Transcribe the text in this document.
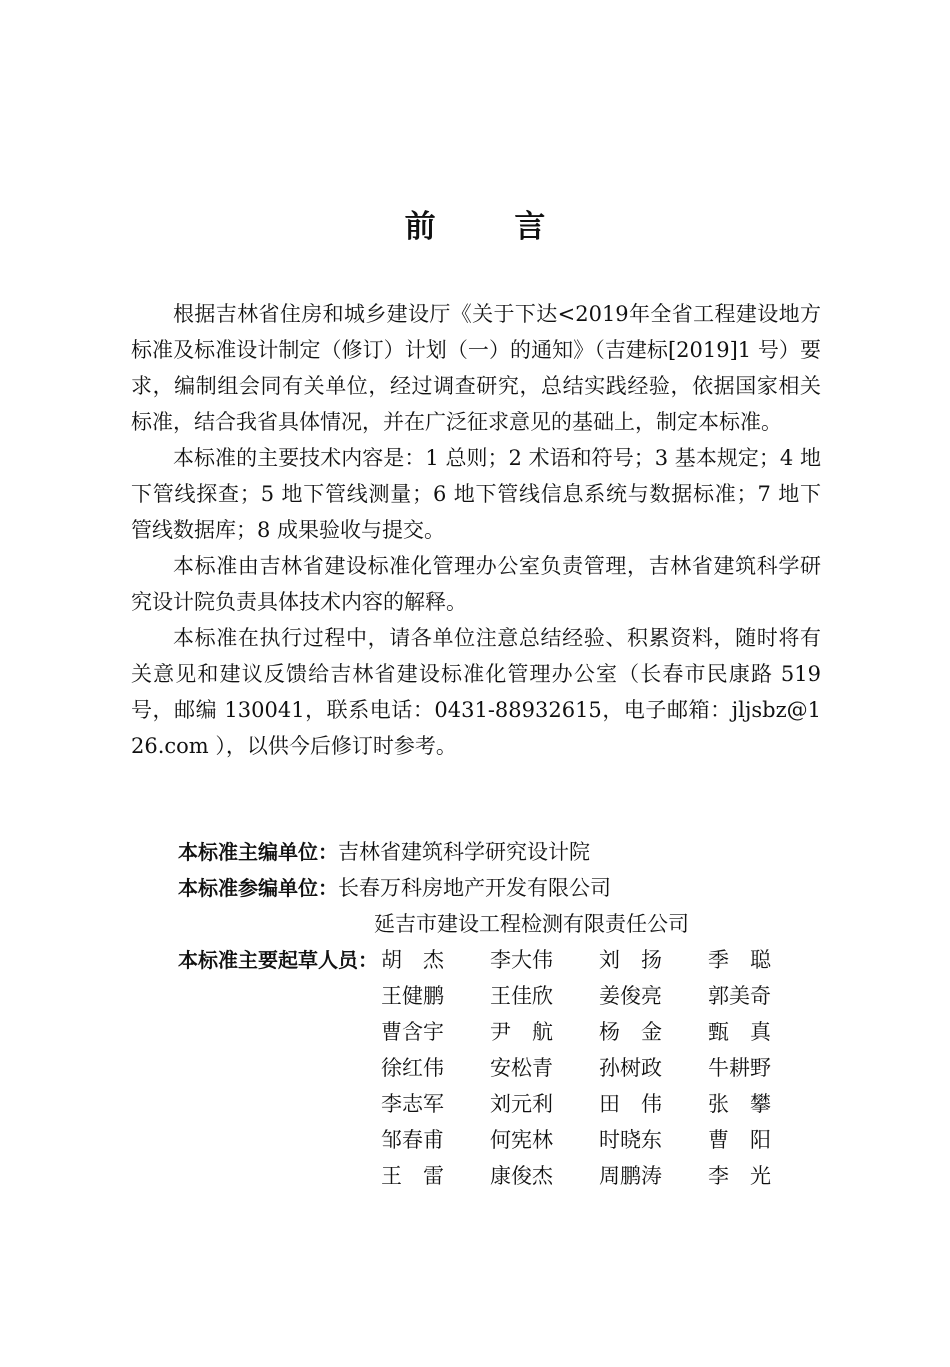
前 言

根据吉林省住房和城乡建设厅《关于下达<2019年全省工程建设地方标准及标准设计制定（修订）计划（一）的通知》（吉建标[2019]1 号）要求，编制组会同有关单位，经过调查研究，总结实践经验，依据国家相关标准，结合我省具体情况，并在广泛征求意见的基础上，制定本标准。

本标准的主要技术内容是：1 总则；2 术语和符号；3 基本规定；4 地下管线探查；5 地下管线测量；6 地下管线信息系统与数据标准；7 地下管线数据库；8 成果验收与提交。

本标准由吉林省建设标准化管理办公室负责管理，吉林省建筑科学研究设计院负责具体技术内容的解释。

本标准在执行过程中，请各单位注意总结经验、积累资料，随时将有关意见和建议反馈给吉林省建设标准化管理办公室（长春市民康路 519 号，邮编 130041，联系电话：0431-88932615，电子邮箱：jljsbz@126.com ），以供今后修订时参考。

本标准主编单位： 吉林省建筑科学研究设计院
本标准参编单位： 长春万科房地产开发有限公司
延吉市建设工程检测有限责任公司
本标准主要起草人员： 胡杰	李大伟	刘扬	季聪
王健鹏	王佳欣	姜俊亮	郭美奇
曹含宇	尹航	杨金	甄真
徐红伟	安松青	孙树政	牛耕野
李志军	刘元利	田伟	张攀
邹春甫	何宪林	时晓东	曹阳
王雷	康俊杰	周鹏涛	李光
